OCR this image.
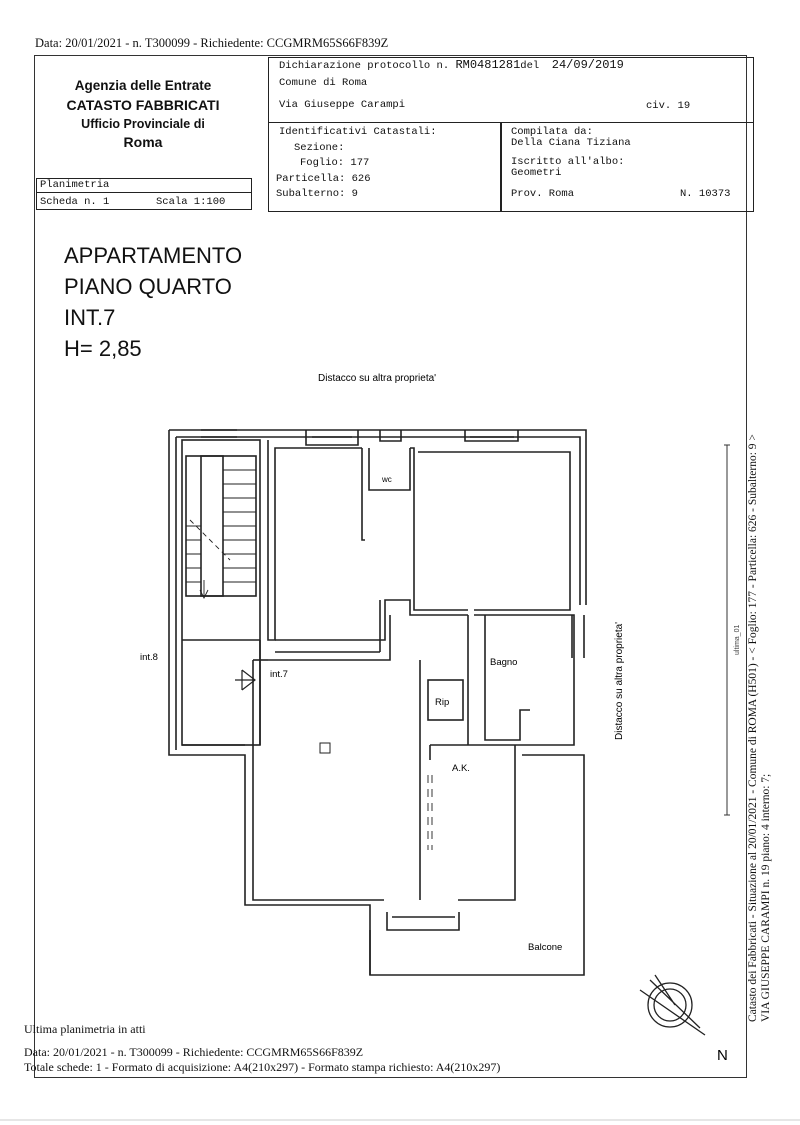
Data: 20/01/2021 - n. T300099 - Richiedente: CCGMRM65S66F839Z
Agenzia delle Entrate
CATASTO FABBRICATI
Ufficio Provinciale di
Roma
Dichiarazione protocollo n. RM0481281del 24/09/2019
Comune di Roma
Via Giuseppe Carampi	civ. 19
Identificativi Catastali:
Sezione:
Foglio: 177
Particella: 626
Subalterno: 9
Compilata da:
Della Ciana Tiziana
Iscritto all'albo:
Geometri
Prov. Roma	N. 10373
Planimetria
Scheda n. 1	Scala 1:100
APPARTAMENTO
PIANO QUARTO
INT.7
H= 2,85
Distacco su altra proprieta'
wc
int.8
int.7
Bagno
Rip
A.K.
Balcone
Distacco su altra proprieta'
N
Catasto dei Fabbricati - Situazione al 20/01/2021 - Comune di ROMA (H501) - < Foglio: 177 - Particella: 626 - Subalterno: 9 > VIA GIUSEPPE CARAMPI n. 19 piano: 4 interno: 7;
ultima_01
Ultima planimetria in atti
Data: 20/01/2021 - n. T300099 - Richiedente: CCGMRM65S66F839Z
Totale schede: 1 - Formato di acquisizione: A4(210x297) - Formato stampa richiesto: A4(210x297)
